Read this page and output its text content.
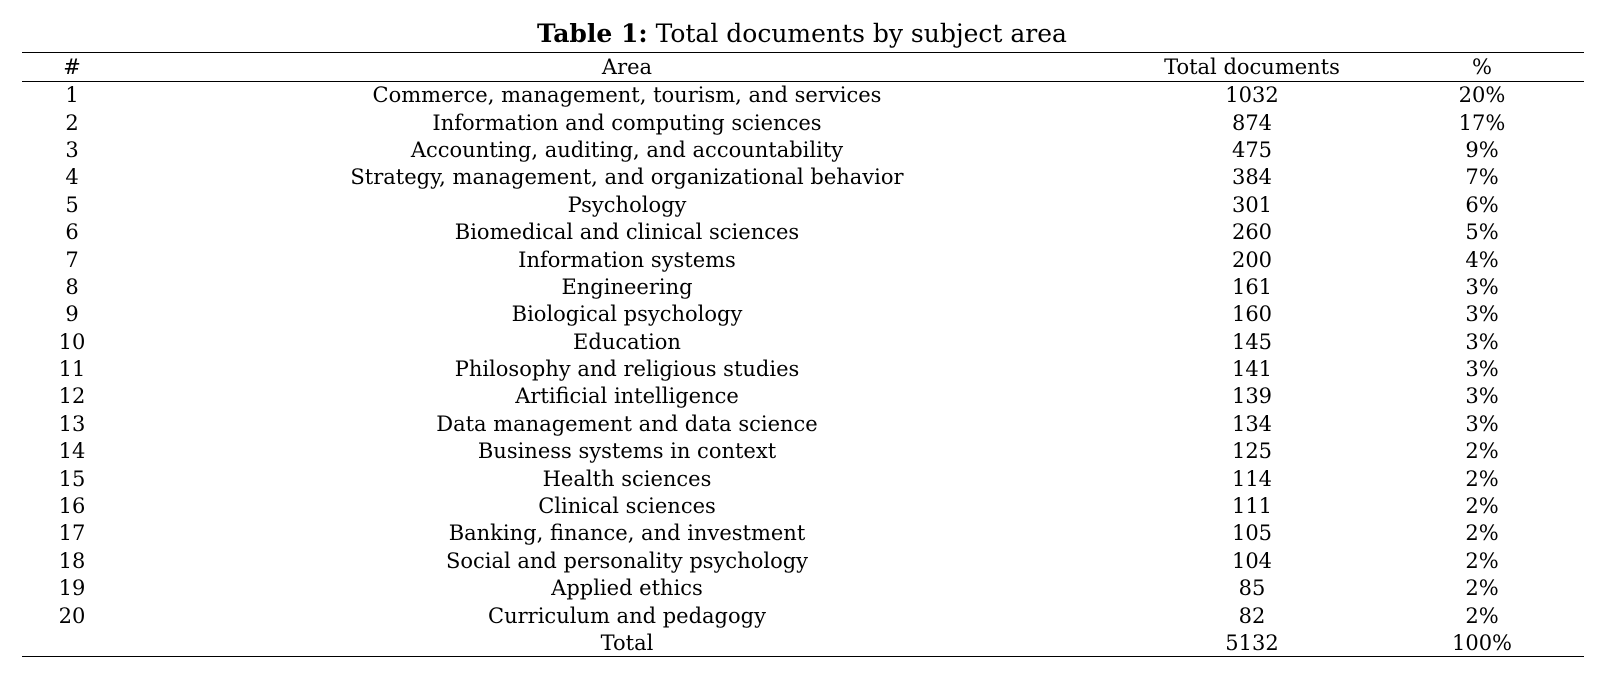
Table 1: Total documents by subject area
#	Area	Total documents	%
1	Commerce, management, tourism, and services	1032	20%
2	Information and computing sciences	874	17%
3	Accounting, auditing, and accountability	475	9%
4	Strategy, management, and organizational behavior	384	7%
5	Psychology	301	6%
6	Biomedical and clinical sciences	260	5%
7	Information systems	200	4%
8	Engineering	161	3%
9	Biological psychology	160	3%
10	Education	145	3%
11	Philosophy and religious studies	141	3%
12	Artificial intelligence	139	3%
13	Data management and data science	134	3%
14	Business systems in context	125	2%
15	Health sciences	114	2%
16	Clinical sciences	111	2%
17	Banking, finance, and investment	105	2%
18	Social and personality psychology	104	2%
19	Applied ethics	85	2%
20	Curriculum and pedagogy	82	2%
	Total	5132	100%
